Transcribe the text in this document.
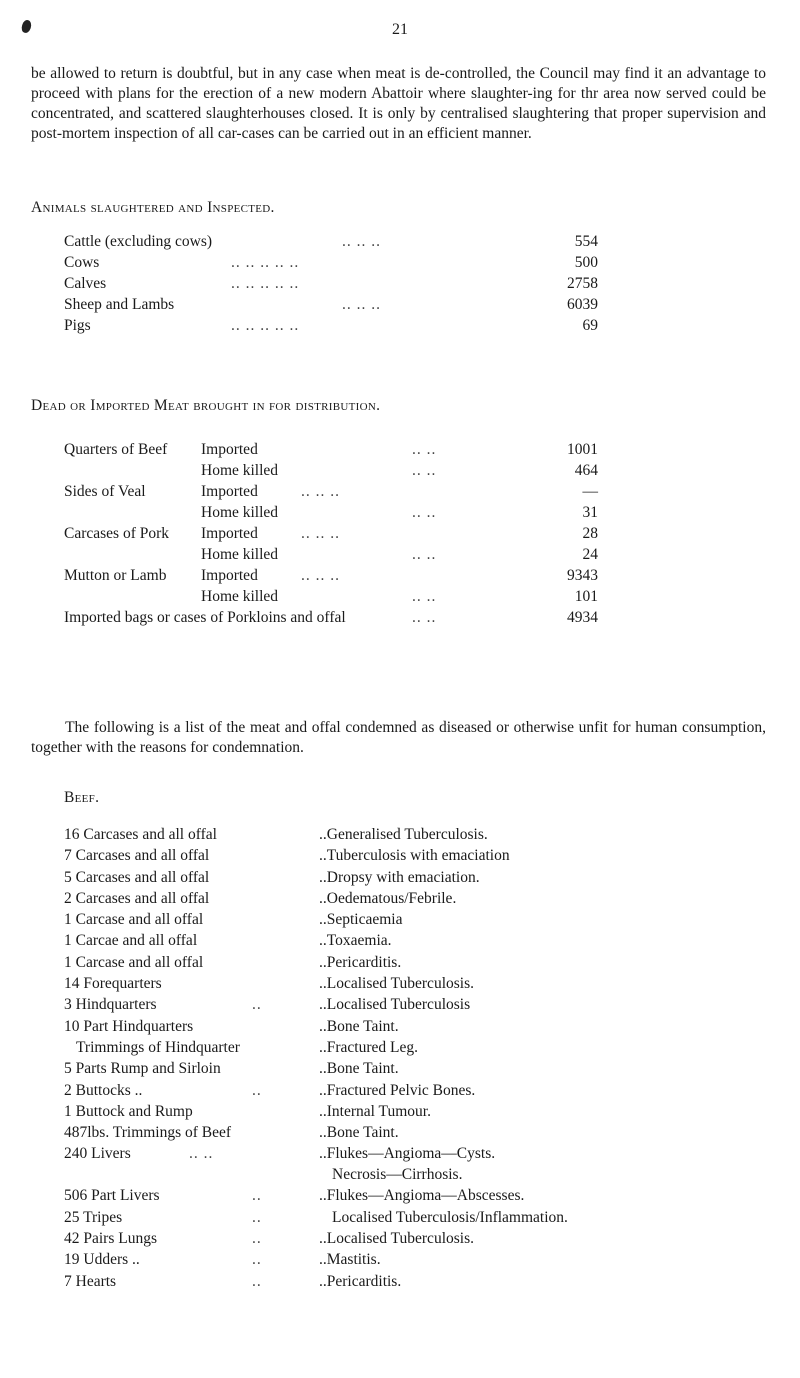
21

be allowed to return is doubtful, but in any case when meat is de-controlled, the Council may find it an advantage to proceed with plans for the erection of a new modern Abattoir where slaughter-ing for thr area now served could be concentrated, and scattered slaughterhouses closed. It is only by centralised slaughtering that proper supervision and post-mortem inspection of all car-cases can be carried out in an efficient manner.

Animals slaughtered and Inspected.
Cattle (excluding cows)	.. .. ..	554
Cows	.. .. .. .. ..	500
Calves	.. .. .. .. ..	2758
Sheep and Lambs	.. .. ..	6039
Pigs	.. .. .. .. ..	69
Dead or Imported Meat brought in for distribution.
Quarters of Beef Imported	.. ..	1001
Home killed	.. ..	464
Sides of Veal	Imported	.. .. ..	—
Home killed	.. ..	31
Carcases of Pork Imported	.. .. ..	28
Home killed	.. ..	24
Mutton or Lamb Imported	.. .. ..	9343
Home killed	.. ..	101
Imported bags or cases of Porkloins and offal	.. ..	4934

The following is a list of the meat and offal condemned as diseased or otherwise unfit for human consumption, together with the reasons for condemnation.

Beef.
16 Carcases and all offal	..Generalised Tuberculosis.
7 Carcases and all offal	..Tuberculosis with emaciation
5 Carcases and all offal	..Dropsy with emaciation.
2 Carcases and all offal	..Oedematous/Febrile.
1 Carcase and all offal	..Septicaemia
1 Carcae and all offal	..Toxaemia.
1 Carcase and all offal	..Pericarditis.
14 Forequarters	..Localised Tuberculosis.
3 Hindquarters	..	..Localised Tuberculosis
10 Part Hindquarters	..Bone Taint.
Trimmings of Hindquarter	..Fractured Leg.
5 Parts Rump and Sirloin	..Bone Taint.
2 Buttocks ..	..	..Fractured Pelvic Bones.
1 Buttock and Rump	..Internal Tumour.
487lbs. Trimmings of Beef	..Bone Taint.
240 Livers	.. ..	..Flukes—Angioma—Cysts.
Necrosis—Cirrhosis.
506 Part Livers	..	..Flukes—Angioma—Abscesses.
25 Tripes	..	Localised Tuberculosis/Inflammation.
42 Pairs Lungs	..	..Localised Tuberculosis.
19 Udders ..	..	..Mastitis.
7 Hearts	..	..Pericarditis.
